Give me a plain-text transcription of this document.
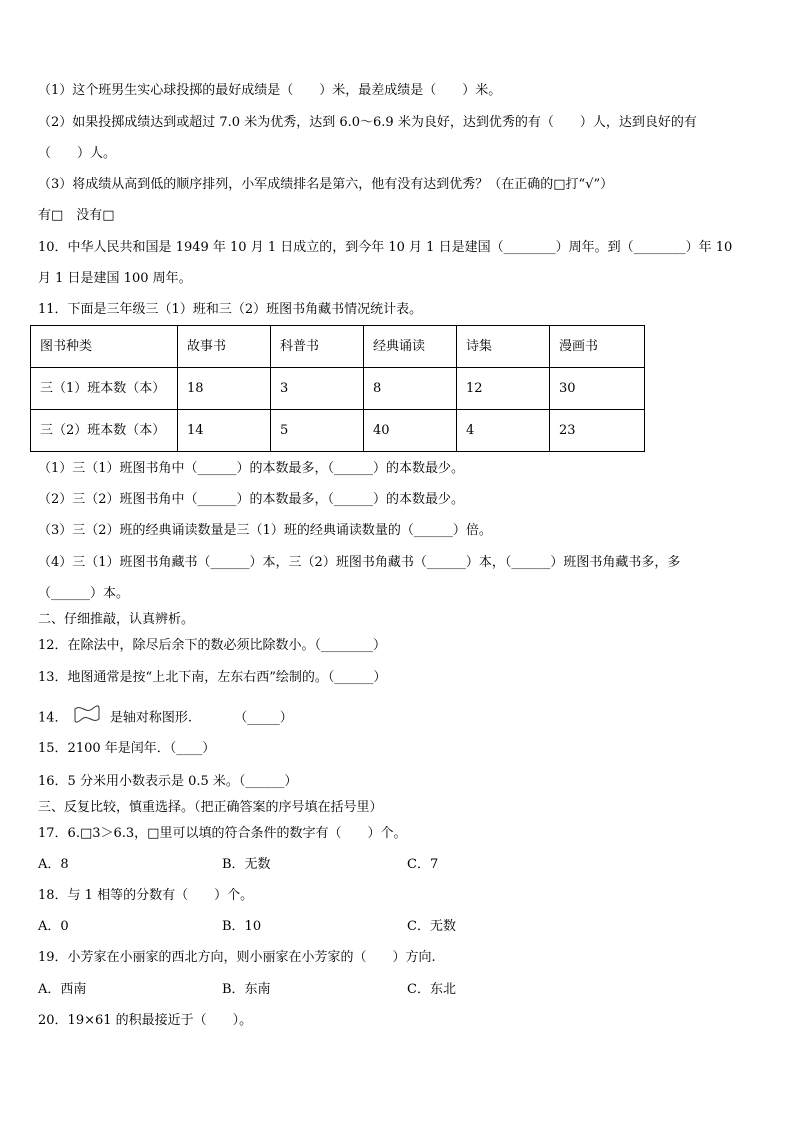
（1）这个班男生实心球投掷的最好成绩是（　　）米，最差成绩是（　　）米。
（2）如果投掷成绩达到或超过 7.0 米为优秀，达到 6.0～6.9 米为良好，达到优秀的有（　　）人，达到良好的有
（　　）人。
（3）将成绩从高到低的顺序排列，小军成绩排名是第六，他有没有达到优秀？（在正确的□打“√”）
有□　没有□
10．中华人民共和国是 1949 年 10 月 1 日成立的，到今年 10 月 1 日是建国（________）周年。到（________）年 10
月 1 日是建国 100 周年。
11．下面是三年级三（1）班和三（2）班图书角藏书情况统计表。
图书种类	故事书	科普书	经典诵读	诗集	漫画书
三（1）班本数（本）	18	3	8	12	30
三（2）班本数（本）	14	5	40	4	23
（1）三（1）班图书角中（______）的本数最多，（______）的本数最少。
（2）三（2）班图书角中（______）的本数最多，（______）的本数最少。
（3）三（2）班的经典诵读数量是三（1）班的经典诵读数量的（______）倍。
（4）三（1）班图书角藏书（______）本，三（2）班图书角藏书（______）本，（______）班图书角藏书多，多
（______）本。
二、仔细推敲，认真辨析。
12．在除法中，除尽后余下的数必须比除数小。（________）
13．地图通常是按“上北下南，左东右西”绘制的。（______）
14．	是轴对称图形.	（_____）
15．2100 年是闰年．（____）
16．5 分米用小数表示是 0.5 米。（______）
三、反复比较，慎重选择。（把正确答案的序号填在括号里）
17．6.□3＞6.3，□里可以填的符合条件的数字有（　　）个。
A．8	B．无数	C．7
18．与 1 相等的分数有（　　）个。
A．0	B．10	C．无数
19．小芳家在小丽家的西北方向，则小丽家在小芳家的（　　）方向.
A．西南	B．东南	C．东北
20．19×61 的积最接近于（　　）。
